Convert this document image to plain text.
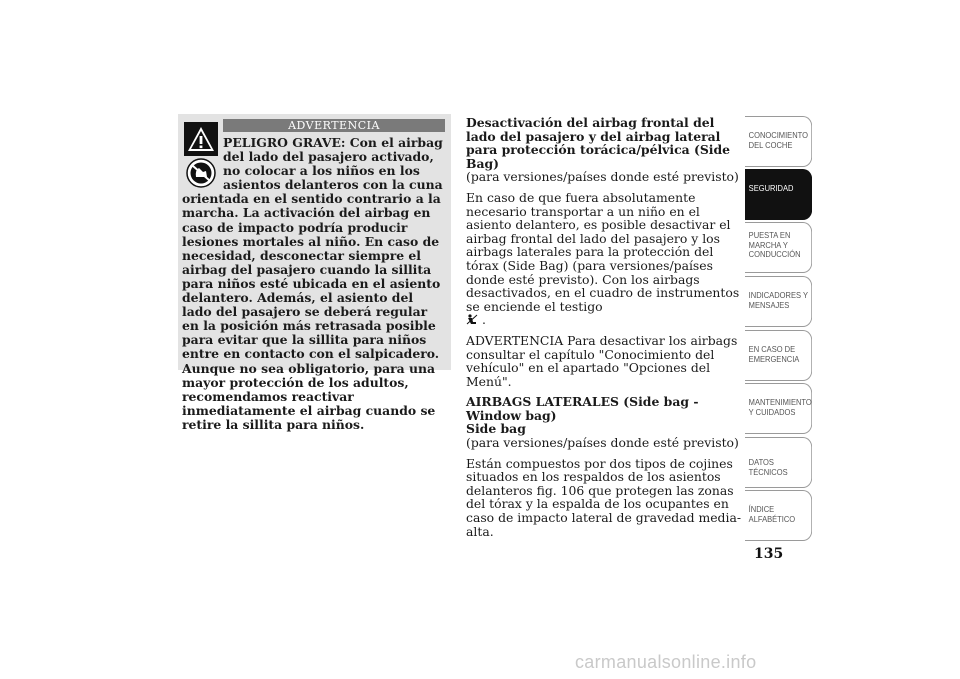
ADVERTENCIA

PELIGRO GRAVE: Con el airbag del lado del pasajero activado, no colocar a los niños en los asientos delanteros con la cuna orientada en el sentido contrario a la marcha. La activación del airbag en caso de impacto podría producir lesiones mortales al niño. En caso de necesidad, desconectar siempre el airbag del pasajero cuando la sillita para niños esté ubicada en el asiento delantero. Además, el asiento del lado del pasajero se deberá regular en la posición más retrasada posible para evitar que la sillita para niños entre en contacto con el salpicadero. Aunque no sea obligatorio, para una mayor protección de los adultos, recomendamos reactivar inmediatamente el airbag cuando se retire la sillita para niños.

Desactivación del airbag frontal del lado del pasajero y del airbag lateral para protección torácica/pélvica (Side Bag)

(para versiones/países donde esté previsto)

En caso de que fuera absolutamente necesario transportar a un niño en el asiento delantero, es posible desactivar el airbag frontal del lado del pasajero y los airbags laterales para la protección del tórax (Side Bag) (para versiones/países donde esté previsto). Con los airbags desactivados, en el cuadro de instrumentos se enciende el testigo
.

ADVERTENCIA Para desactivar los airbags consultar el capítulo "Conocimiento del vehículo" en el apartado "Opciones del Menú".

AIRBAGS LATERALES (Side bag - Window bag)
Side bag

(para versiones/países donde esté previsto)

Están compuestos por dos tipos de cojines situados en los respaldos de los asientos delanteros fig. 106 que protegen las zonas del tórax y la espalda de los ocupantes en caso de impacto lateral de gravedad media-alta.

CONOCIMIENTO DEL COCHE
SEGURIDAD
PUESTA EN MARCHA Y CONDUCCIÓN
INDICADORES Y MENSAJES
EN CASO DE EMERGENCIA
MANTENIMIENTO Y CUIDADOS
DATOS TÉCNICOS
ÍNDICE ALFABÉTICO
135
carmanualsonline.info
